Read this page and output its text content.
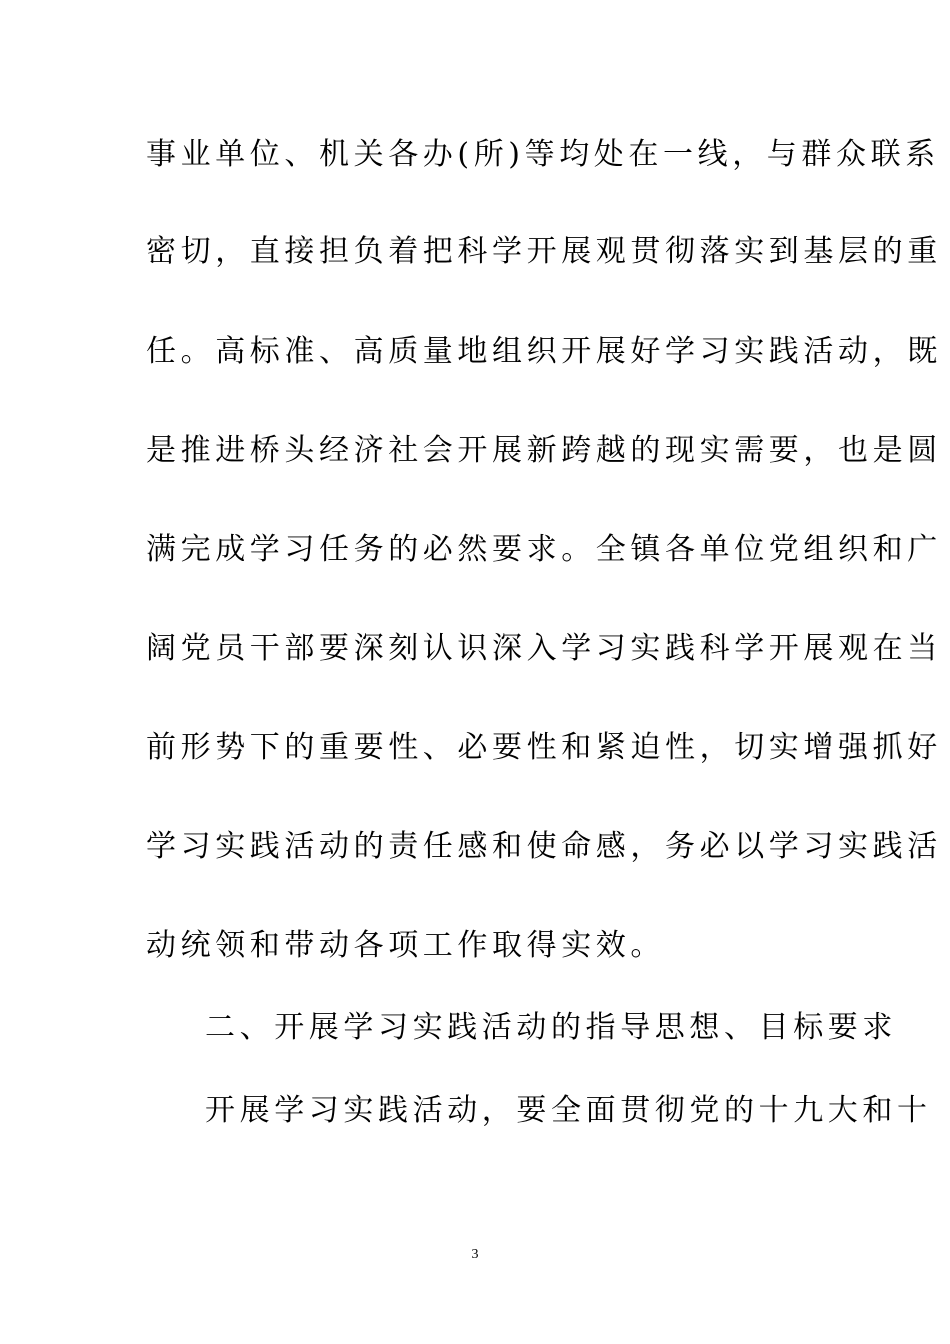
事业单位、机关各办(所)等均处在一线，与群众联系
密切，直接担负着把科学开展观贯彻落实到基层的重
任。高标准、高质量地组织开展好学习实践活动，既
是推进桥头经济社会开展新跨越的现实需要，也是圆
满完成学习任务的必然要求。全镇各单位党组织和广
阔党员干部要深刻认识深入学习实践科学开展观在当
前形势下的重要性、必要性和紧迫性，切实增强抓好
学习实践活动的责任感和使命感，务必以学习实践活
动统领和带动各项工作取得实效。
二、开展学习实践活动的指导思想、目标要求
开展学习实践活动，要全面贯彻党的十九大和十
3
